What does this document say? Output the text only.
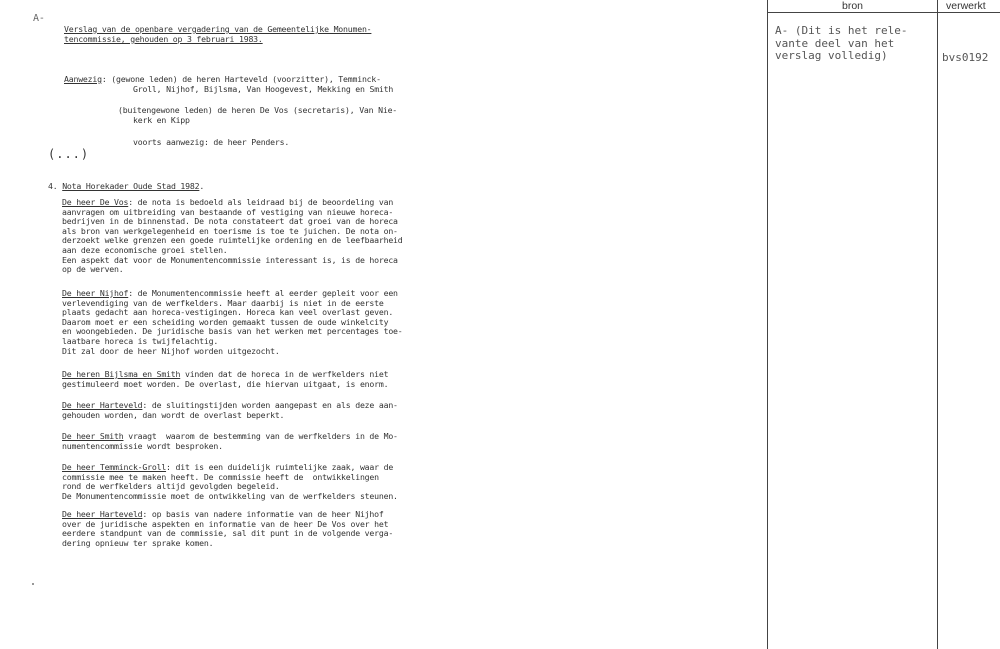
A-
Verslag van de openbare vergadering van de Gemeentelijke Monumen-
tencommissie, gehouden op 3 februari 1983.
Aanwezig: (gewone leden) de heren Harteveld (voorzitter), Temminck-
Groll, Nijhof, Bijlsma, Van Hoogevest, Mekking en Smith
(buitengewone leden) de heren De Vos (secretaris), Van Nie-
kerk en Kipp
voorts aanwezig: de heer Penders.
(...)
4. Nota Horekader Oude Stad 1982.
De heer De Vos: de nota is bedoeld als leidraad bij de beoordeling van
aanvragen om uitbreiding van bestaande of vestiging van nieuwe horeca-
bedrijven in de binnenstad. De nota constateert dat groei van de horeca
als bron van werkgelegenheid en toerisme is toe te juichen. De nota on-
derzoekt welke grenzen een goede ruimtelijke ordening en de leefbaarheid
aan deze economische groei stellen.
Een aspekt dat voor de Monumentencommissie interessant is, is de horeca
op de werven.
De heer Nijhof: de Monumentencommissie heeft al eerder gepleit voor een
verlevendiging van de werfkelders. Maar daarbij is niet in de eerste
plaats gedacht aan horeca-vestigingen. Horeca kan veel overlast geven.
Daarom moet er een scheiding worden gemaakt tussen de oude winkelcity
en woongebieden. De juridische basis van het werken met percentages toe-
laatbare horeca is twijfelachtig.
Dit zal door de heer Nijhof worden uitgezocht.
De heren Bijlsma en Smith vinden dat de horeca in de werfkelders niet
gestimuleerd moet worden. De overlast, die hiervan uitgaat, is enorm.
De heer Harteveld: de sluitingstijden worden aangepast en als deze aan-
gehouden worden, dan wordt de overlast beperkt.
De heer Smith vraagt  waarom de bestemming van de werfkelders in de Mo-
numentencommissie wordt besproken.
De heer Temminck-Groll: dit is een duidelijk ruimtelijke zaak, waar de
commissie mee te maken heeft. De commissie heeft de  ontwikkelingen
rond de werfkelders altijd gevolgden begeleid.
De Monumentencommissie moet de ontwikkeling van de werfkelders steunen.
De heer Harteveld: op basis van nadere informatie van de heer Nijhof
over de juridische aspekten en informatie van de heer De Vos over het
eerdere standpunt van de commissie, sal dit punt in de volgende verga-
dering opnieuw ter sprake komen.
bron	verwerkt
A- (Dit is het rele-
vante deel van het
verslag volledig)	bvs0192
